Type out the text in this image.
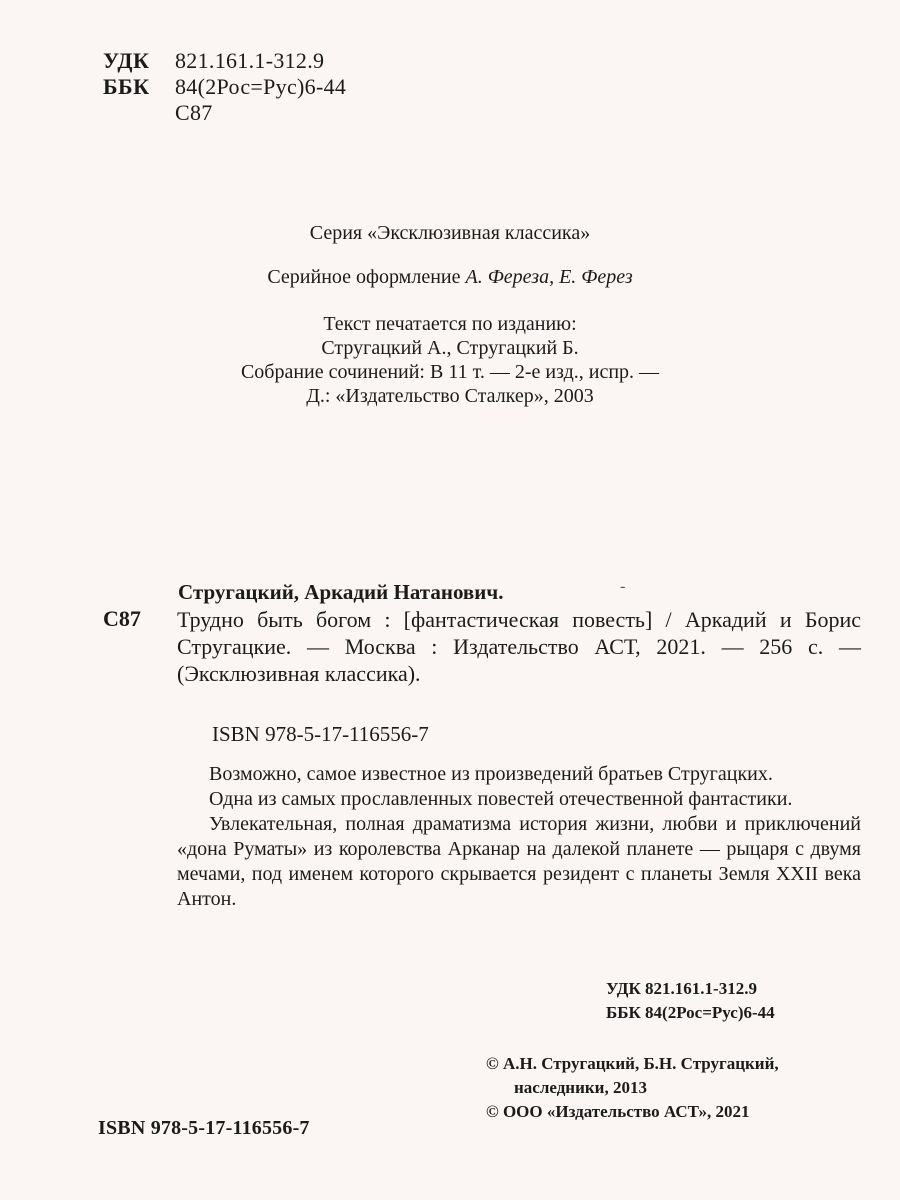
УДК	821.161.1-312.9
ББК	84(2Рос=Рус)6-44
С87
Серия «Эксклюзивная классика»
Серийное оформление А. Фереза, Е. Ферез
Текст печатается по изданию:
Стругацкий А., Стругацкий Б.
Собрание сочинений: В 11 т. — 2-е изд., испр. —
Д.: «Издательство Сталкер», 2003
Стругацкий, Аркадий Натанович.	-
С87 Трудно быть богом : [фантастическая повесть] / Аркадий и Борис Стругацкие. — Москва : Издательство АСТ, 2021. — 256 с. — (Эксклюзивная классика).
ISBN 978-5-17-116556-7

Возможно, самое известное из произведений братьев Стругацких.

Одна из самых прославленных повестей отечественной фантастики.

Увлекательная, полная драматизма история жизни, любви и приключений «дона Руматы» из королевства Арканар на далекой планете — рыцаря с двумя мечами, под именем которого скрывается резидент с планеты Земля XXII века Антон.

УДК 821.161.1-312.9
ББК 84(2Рос=Рус)6-44
© А.Н. Стругацкий, Б.Н. Стругацкий,
наследники, 2013
© ООО «Издательство АСТ», 2021
ISBN 978-5-17-116556-7
